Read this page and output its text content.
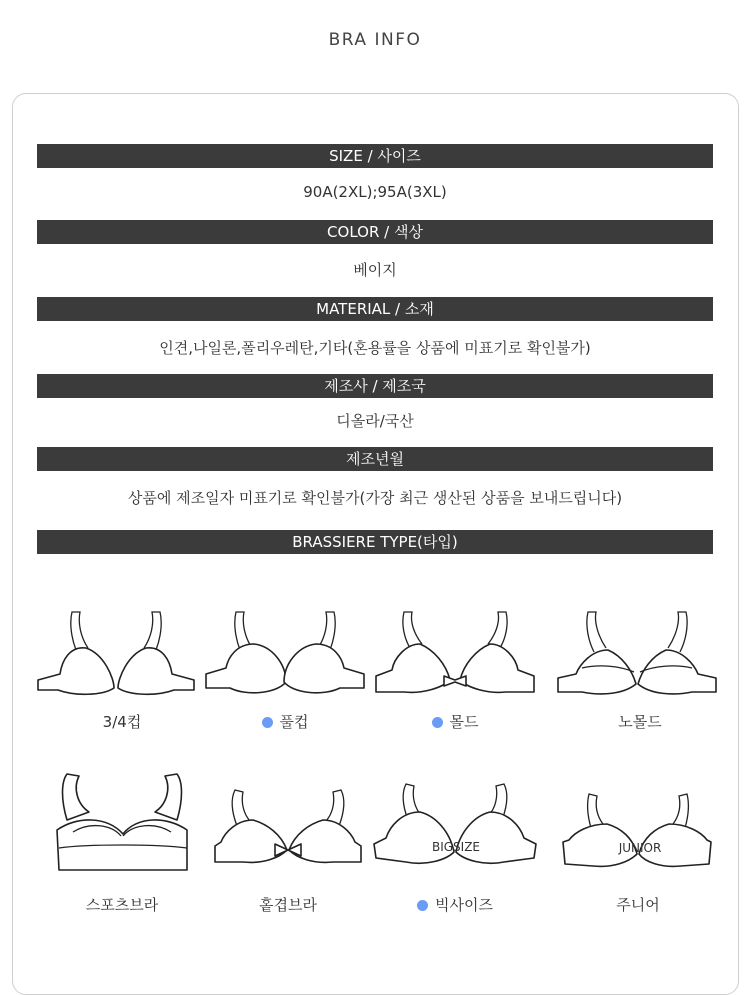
BRA INFO
SIZE / 사이즈
90A(2XL);95A(3XL)
COLOR / 색상
베이지
MATERIAL / 소재
인견,나일론,폴리우레탄,기타(혼용률을 상품에 미표기로 확인불가)
제조사 / 제조국
디올라/국산
제조년월
상품에 제조일자 미표기로 확인불가(가장 최근 생산된 상품을 보내드립니다)
BRASSIERE TYPE(타입)
3/4컵	풀컵	몰드	노몰드
BIGSIZE	JUNIOR
스포츠브라	홑겹브라	빅사이즈	주니어
